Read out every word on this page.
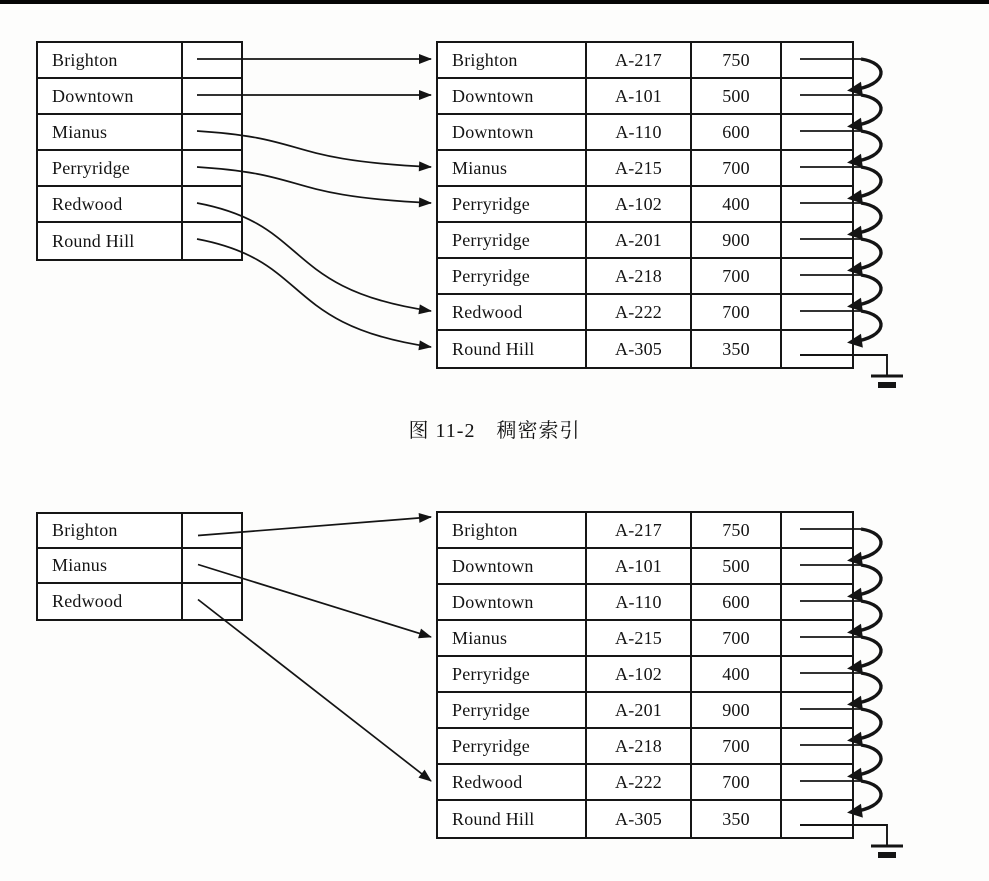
Brighton
Downtown
Mianus
Perryridge
Redwood
Round Hill
Brighton	A-217	750
Downtown	A-101	500
Downtown	A-110	600
Mianus	A-215	700
Perryridge	A-102	400
Perryridge	A-201	900
Perryridge	A-218	700
Redwood	A-222	700
Round Hill	A-305	350
图 11-2　稠密索引
Brighton
Mianus
Redwood
Brighton	A-217	750
Downtown	A-101	500
Downtown	A-110	600
Mianus	A-215	700
Perryridge	A-102	400
Perryridge	A-201	900
Perryridge	A-218	700
Redwood	A-222	700
Round Hill	A-305	350
